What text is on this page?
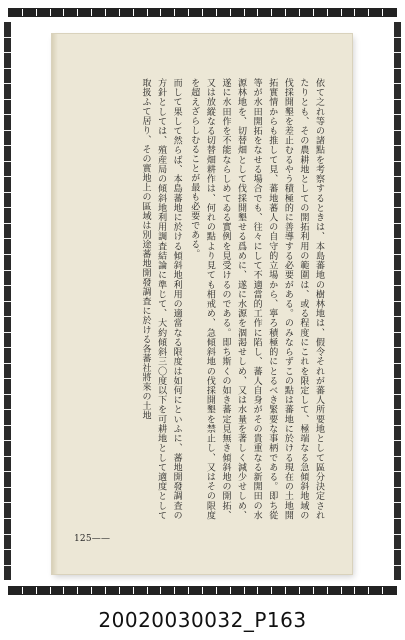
依て之れ等の諸點を考察するときは、本島蕃地の樹林地は、假令それが蕃人所要地として區分決定されたりとも、その農耕地としての開拓利用の範圍は、或る程度にこれを限定して、極端なる急傾斜地域の伐採開墾を差止むるやう積極的に善導する必要がある。のみならずこの點は蕃地に於ける現在の土地開拓實情からも推して見、蕃地蕃人の自守的立場から、寧ろ積極的にとるべき緊要な事柄である。即ち從等が水田開拓をなせる場合でも、往々にして不適當的工作に陷し、蕃人自身がその貴重なる新開田の水源林地を、切替畑として伐採開墾せる爲めに、遂に水源を涸渇せしめ、又は水量を著しく減少せしめ、遂に水田作を不能ならしめてゐる實例を見受けるのである。即ち斯くの如き蕃定見無き傾斜地の開拓、又は放縱なる切替畑耕作は、何れの點より見ても相戒め、急傾斜地の伐採開墾を禁止し、又はその限度を超えざらしむることが最も必要である。

而して果して然らば、本島蕃地に於ける傾斜地利用の適當なる限度は如何にといふに、蕃地開發調査の方針としては、殖産局の傾斜地利用調査結論に準じて、大約傾斜三〇度以下を可耕地として適度として取扱ふて居り、その實地上の區域は別途蕃地開發調査に於ける各蕃社將來の土地

125——
20020030032_P163
